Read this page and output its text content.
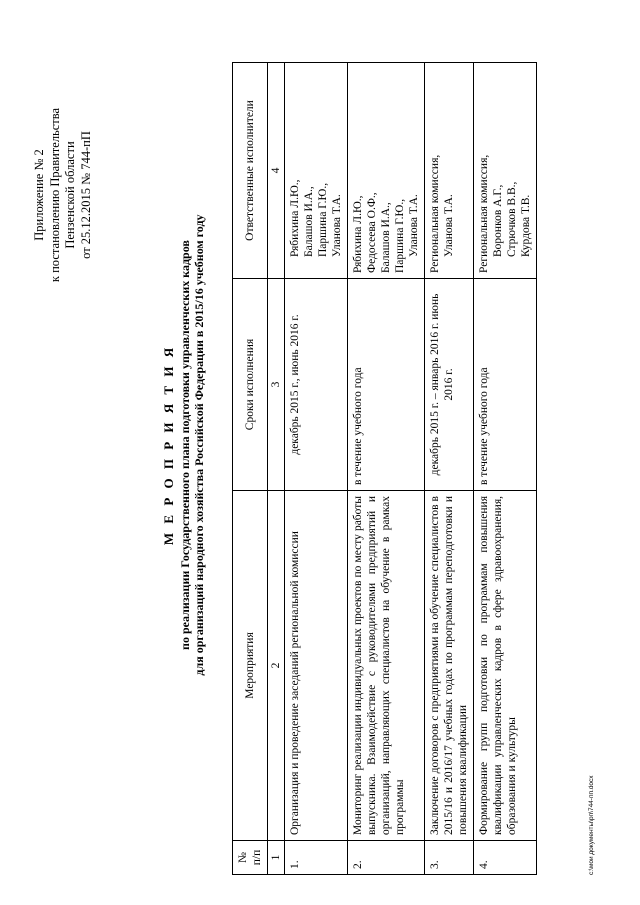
Приложение № 2 к постановлению Правительства Пензенской области от 25.12.2015 № 744-пП
М Е Р О П Р И Я Т И Я по реализации Государственного плана подготовки управленческих кадров для организаций народного хозяйства Российской Федерации в 2015/16 учебном году
№ п/п	Мероприятия	Сроки исполнения	Ответственные исполнители
1	2	3	4
1.	Организация и проведение заседаний региональной комиссии	декабрь 2015 г., июнь 2016 г.	Рябихина Л.Ю., Балашов И.А., Паршина Г.Ю., Уланова Т.А.

2.	Мониторинг реализации индивидуальных проектов по месту работы выпускника. Взаимодействие с руководителями предприятий и организаций, направляющих специалистов на обучение в рамках программы	в течение учебного года	Рябихина Л.Ю., Федосеева О.Ф., Балашов И.А., Паршина Г.Ю., Уланова Т.А.

3.	Заключение договоров с предприятиями на обучение специалистов в 2015/16 и 2016/17 учебных годах по программам переподготовки и повышения квалификации	декабрь 2015 г. – январь 2016 г. июнь 2016 г.	Региональная комиссия, Уланова Т.А.

4.	Формирование групп подготовки по программам повышения квалификации управленческих кадров в сфере здравоохранения, образования и культуры	в течение учебного года	Региональная комиссия, Воронков А.Г., Стрючков В.В., Курдова Т.В.
c:\мои документы\рп\744-пп.docx
